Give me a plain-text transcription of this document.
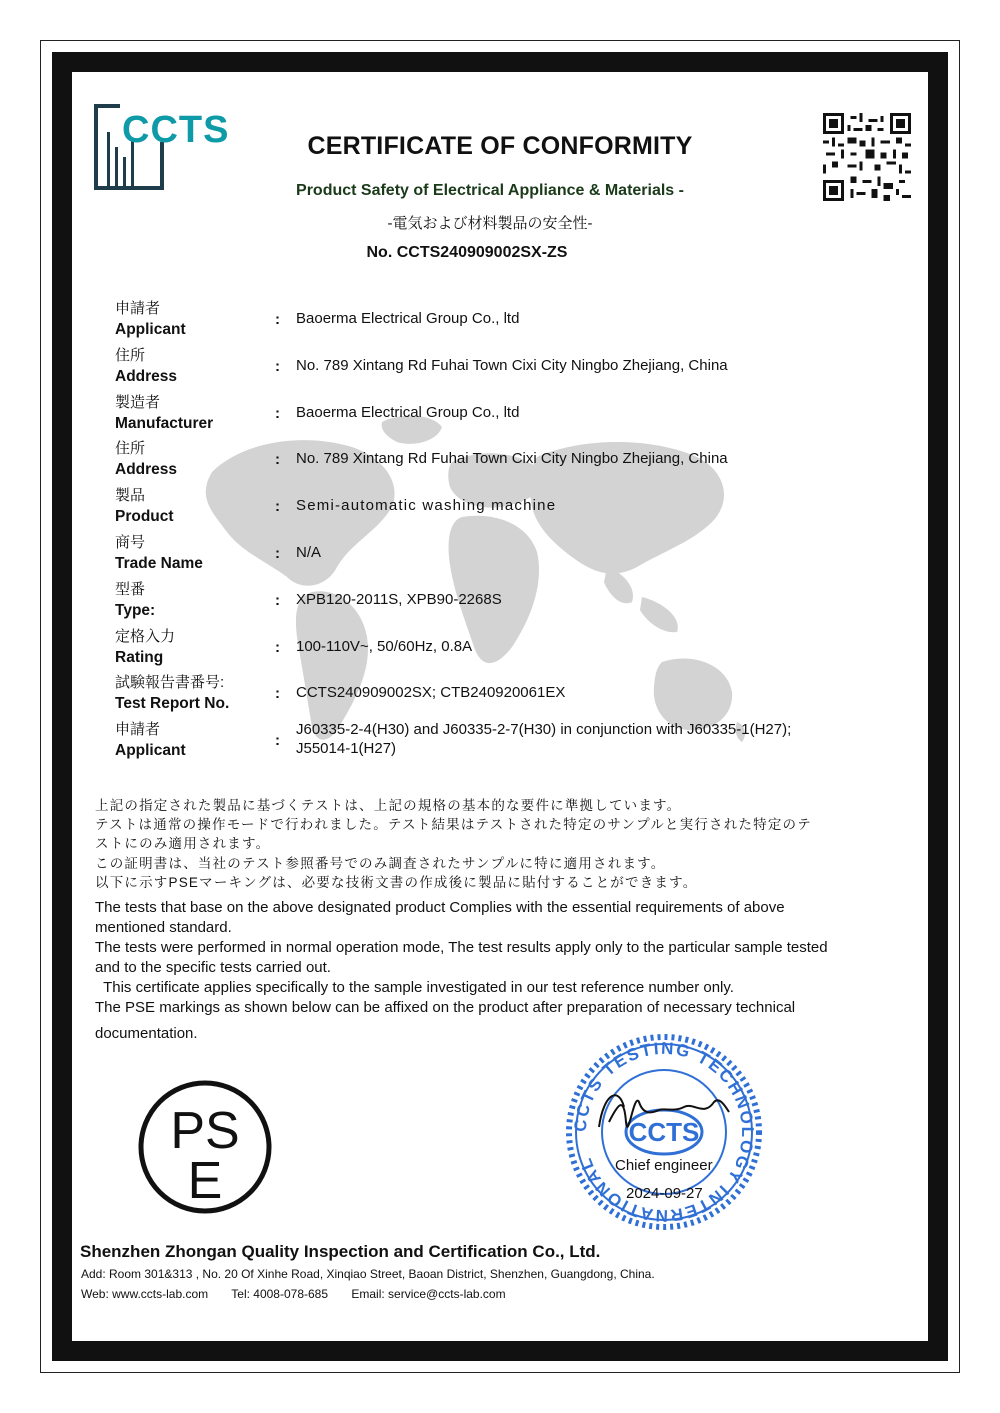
CCTS	CERTIFICATE OF CONFORMITY
Product Safety of Electrical Appliance & Materials -
-電気および材料製品の安全性-
No. CCTS240909002SX-ZS
申請者
Applicant
: Baoerma Electrical Group Co., ltd
住所
Address
: No. 789 Xintang Rd Fuhai Town Cixi City Ningbo Zhejiang, China
製造者
Manufacturer
: Baoerma Electrical Group Co., ltd
住所
Address
: No. 789 Xintang Rd Fuhai Town Cixi City Ningbo Zhejiang, China
製品
Product
: Semi-automatic washing machine
商号
Trade Name
: N/A
型番
Type:
: XPB120-2011S, XPB90-2268S
定格入力
Rating
: 100-110V~, 50/60Hz, 0.8A
試験報告書番号:
Test Report No.
: CCTS240909002SX; CTB240920061EX
申請者
Applicant
:
J60335-2-4(H30) and J60335-2-7(H30) in conjunction with J60335-1(H27);
J55014-1(H27)
上記の指定された製品に基づくテストは、上記の規格の基本的な要件に準拠しています。
テストは通常の操作モードで行われました。テスト結果はテストされた特定のサンプルと実行された特定のテ
ストにのみ適用されます。
この証明書は、当社のテスト参照番号でのみ調査されたサンプルに特に適用されます。
以下に示すPSEマーキングは、必要な技術文書の作成後に製品に貼付することができます。
The tests that base on the above designated product Complies with the essential requirements of above
mentioned standard.
The tests were performed in normal operation mode, The test results apply only to the particular sample tested
and to the specific tests carried out.
This certificate applies specifically to the sample investigated in our test reference number only.
The PSE markings as shown below can be affixed on the product after preparation of necessary technical
documentation.
PS
E
CCTS TESTING TECHNOLOGY INTERNATIONAL
CCTS
Chief engineer
2024-09-27
Shenzhen Zhongan Quality Inspection and Certification Co., Ltd.
Add: Room 301&313 , No. 20 Of Xinhe Road, Xinqiao Street, Baoan District, Shenzhen, Guangdong, China.
Web: www.ccts-lab.com Tel: 4008-078-685 Email: service@ccts-lab.com
